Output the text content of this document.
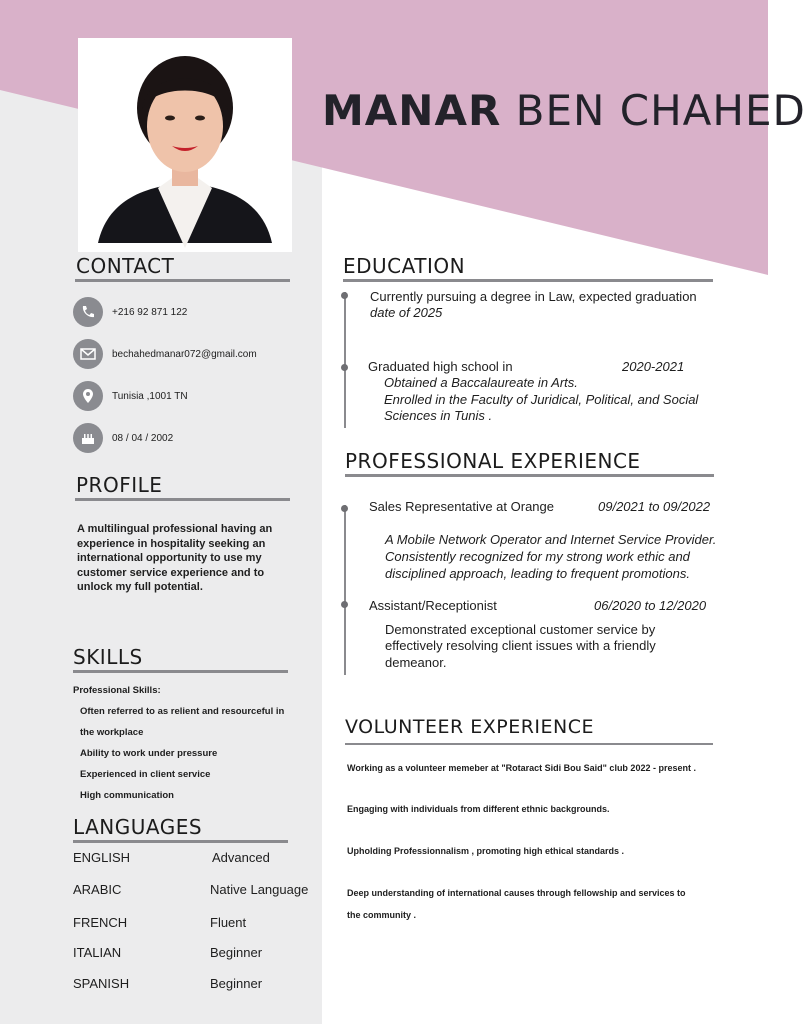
MANAR BEN CHAHED
CONTACT
+216 92 871 122
bechahedmanar072@gmail.com
Tunisia ,1001 TN
08 / 04 / 2002
PROFILE
A multilingual professional having an experience in hospitality seeking an international opportunity to use my customer service experience and to unlock my full potential.
SKILLS
Professional Skills:
Often referred to as relient and resourceful in the workplace
Ability to work under pressure
Experienced in client service
High communication
LANGUAGES
ENGLISH	Advanced
ARABIC	Native Language
FRENCH	Fluent
ITALIAN	Beginner
SPANISH	Beginner
EDUCATION
Currently pursuing a degree in Law, expected graduation
date of 2025
Graduated high school in	2020-2021
Obtained a Baccalaureate in Arts.
Enrolled in the Faculty of Juridical, Political, and Social
Sciences in Tunis .
PROFESSIONAL EXPERIENCE
Sales Representative at Orange	09/2021 to 09/2022
A Mobile Network Operator and Internet Service Provider.
Consistently recognized for my strong work ethic and
disciplined approach, leading to frequent promotions.
Assistant/Receptionist	06/2020 to 12/2020
Demonstrated exceptional customer service by
effectively resolving client issues with a friendly
demeanor.
VOLUNTEER EXPERIENCE
Working as a volunteer memeber at "Rotaract Sidi Bou Said" club 2022 - present .
Engaging with individuals from different ethnic backgrounds.
Upholding Professionnalism , promoting high ethical standards .
Deep understanding of international causes through fellowship and services to
the community .
